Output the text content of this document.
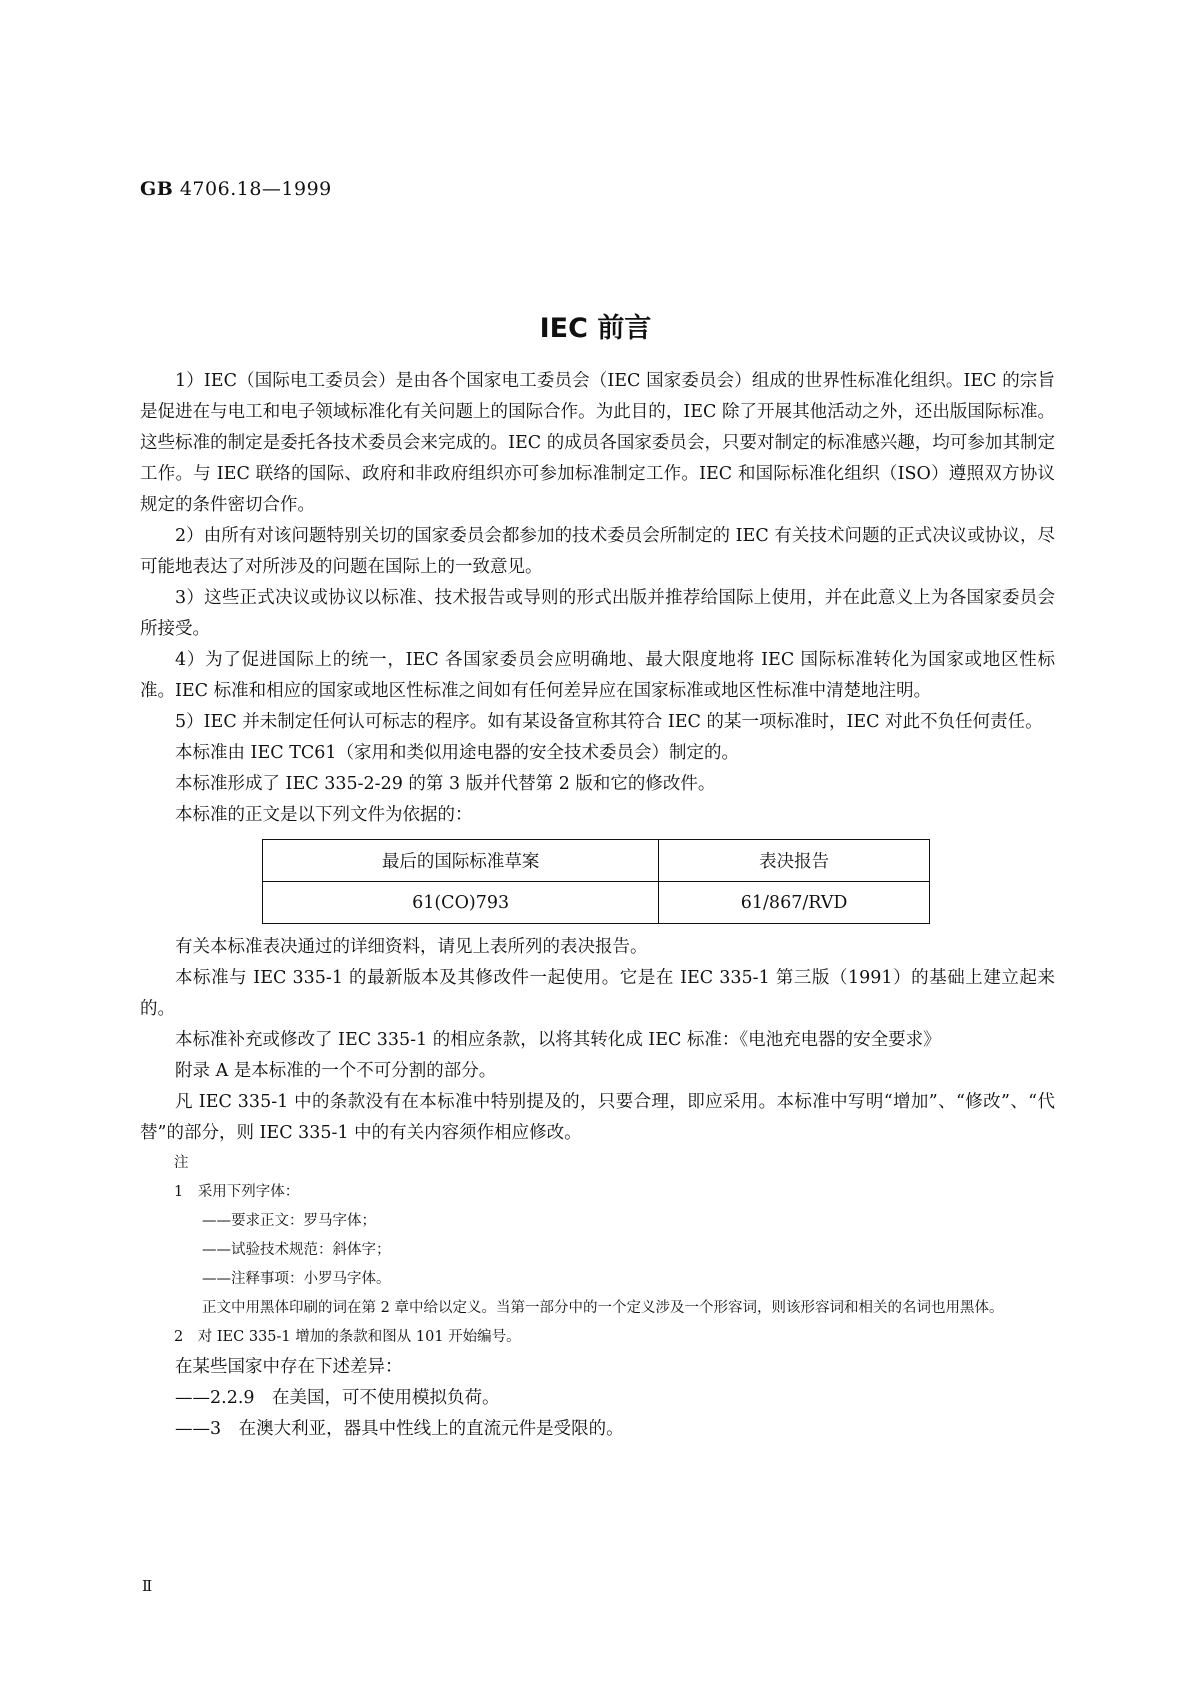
GB 4706.18—1999
IEC 前言

1）IEC（国际电工委员会）是由各个国家电工委员会（IEC 国家委员会）组成的世界性标准化组织。IEC 的宗旨是促进在与电工和电子领域标准化有关问题上的国际合作。为此目的，IEC 除了开展其他活动之外，还出版国际标准。这些标准的制定是委托各技术委员会来完成的。IEC 的成员各国家委员会，只要对制定的标准感兴趣，均可参加其制定工作。与 IEC 联络的国际、政府和非政府组织亦可参加标准制定工作。IEC 和国际标准化组织（ISO）遵照双方协议规定的条件密切合作。

2）由所有对该问题特别关切的国家委员会都参加的技术委员会所制定的 IEC 有关技术问题的正式决议或协议，尽可能地表达了对所涉及的问题在国际上的一致意见。

3）这些正式决议或协议以标准、技术报告或导则的形式出版并推荐给国际上使用，并在此意义上为各国家委员会所接受。

4）为了促进国际上的统一，IEC 各国家委员会应明确地、最大限度地将 IEC 国际标准转化为国家或地区性标准。IEC 标准和相应的国家或地区性标准之间如有任何差异应在国家标准或地区性标准中清楚地注明。

5）IEC 并未制定任何认可标志的程序。如有某设备宣称其符合 IEC 的某一项标准时，IEC 对此不负任何责任。

本标准由 IEC TC61（家用和类似用途电器的安全技术委员会）制定的。

本标准形成了 IEC 335-2-29 的第 3 版并代替第 2 版和它的修改件。

本标准的正文是以下列文件为依据的：

最后的国际标准草案	表决报告
61(CO)793	61/867/RVD

有关本标准表决通过的详细资料，请见上表所列的表决报告。

本标准与 IEC 335-1 的最新版本及其修改件一起使用。它是在 IEC 335-1 第三版（1991）的基础上建立起来的。

本标准补充或修改了 IEC 335-1 的相应条款，以将其转化成 IEC 标准：《电池充电器的安全要求》

附录 A 是本标准的一个不可分割的部分。

凡 IEC 335-1 中的条款没有在本标准中特别提及的，只要合理，即应采用。本标准中写明“增加”、“修改”、“代替”的部分，则 IEC 335-1 中的有关内容须作相应修改。

注
1　采用下列字体：
——要求正文：罗马字体；
——试验技术规范：斜体字；
——注释事项：小罗马字体。
正文中用黑体印刷的词在第 2 章中给以定义。当第一部分中的一个定义涉及一个形容词，则该形容词和相关的名词也用黑体。
2　对 IEC 335-1 增加的条款和图从 101 开始编号。
在某些国家中存在下述差异：
——2.2.9　在美国，可不使用模拟负荷。
——3　在澳大利亚，器具中性线上的直流元件是受限的。
Ⅱ
